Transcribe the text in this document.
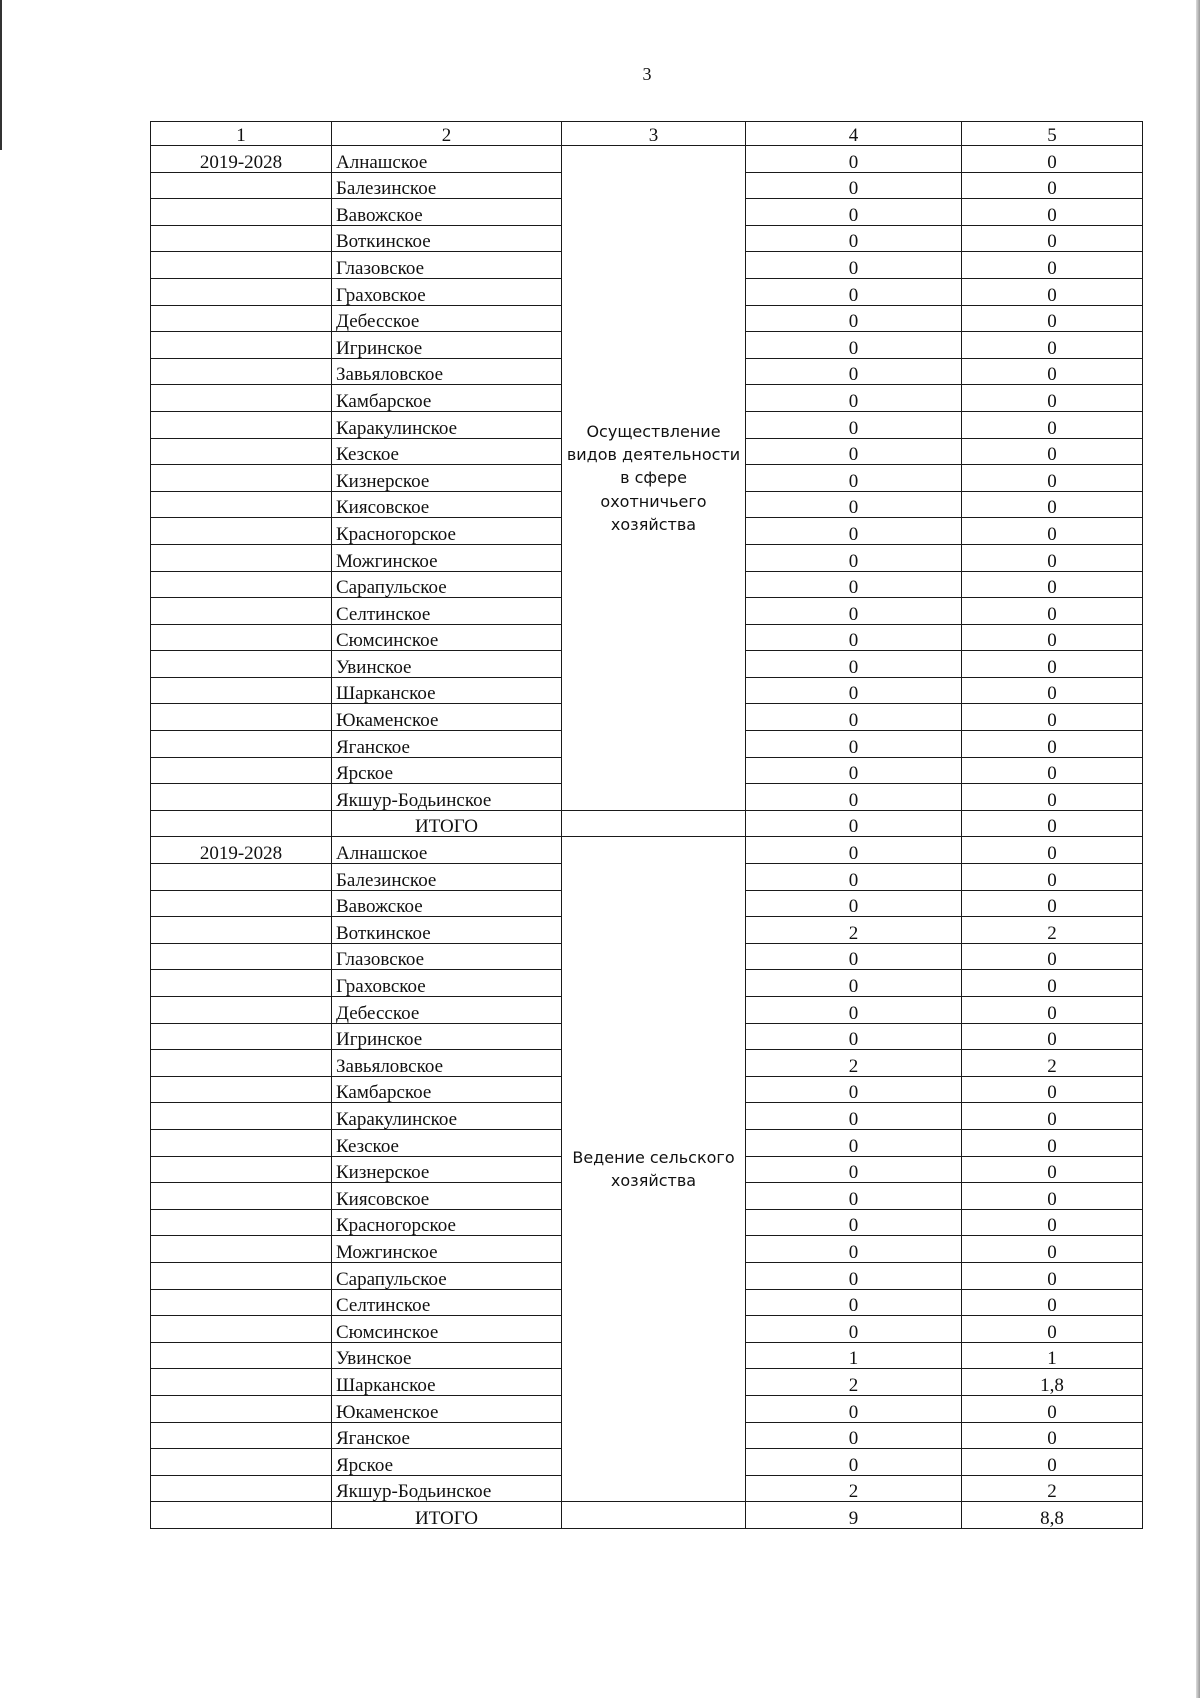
3
1	2	3	4	5
2019-2028	Алнашское	Осуществление видов деятельности в сфере охотничьего хозяйства	0	0
	Балезинское		0	0
	Вавожское		0	0
	Воткинское		0	0
	Глазовское		0	0
	Граховское		0	0
	Дебесское		0	0
	Игринское		0	0
	Завьяловское		0	0
	Камбарское		0	0
	Каракулинское		0	0
	Кезское		0	0
	Кизнерское		0	0
	Киясовское		0	0
	Красногорское		0	0
	Можгинское		0	0
	Сарапульское		0	0
	Селтинское		0	0
	Сюмсинское		0	0
	Увинское		0	0
	Шарканское		0	0
	Юкаменское		0	0
	Яганское		0	0
	Ярское		0	0
	Якшур-Бодьинское		0	0
	ИТОГО		0	0
2019-2028	Алнашское	Ведение сельского хозяйства	0	0
	Балезинское		0	0
	Вавожское		0	0
	Воткинское		2	2
	Глазовское		0	0
	Граховское		0	0
	Дебесское		0	0
	Игринское		0	0
	Завьяловское		2	2
	Камбарское		0	0
	Каракулинское		0	0
	Кезское		0	0
	Кизнерское		0	0
	Киясовское		0	0
	Красногорское		0	0
	Можгинское		0	0
	Сарапульское		0	0
	Селтинское		0	0
	Сюмсинское		0	0
	Увинское		1	1
	Шарканское		2	1,8
	Юкаменское		0	0
	Яганское		0	0
	Ярское		0	0
	Якшур-Бодьинское		2	2
	ИТОГО		9	8,8
